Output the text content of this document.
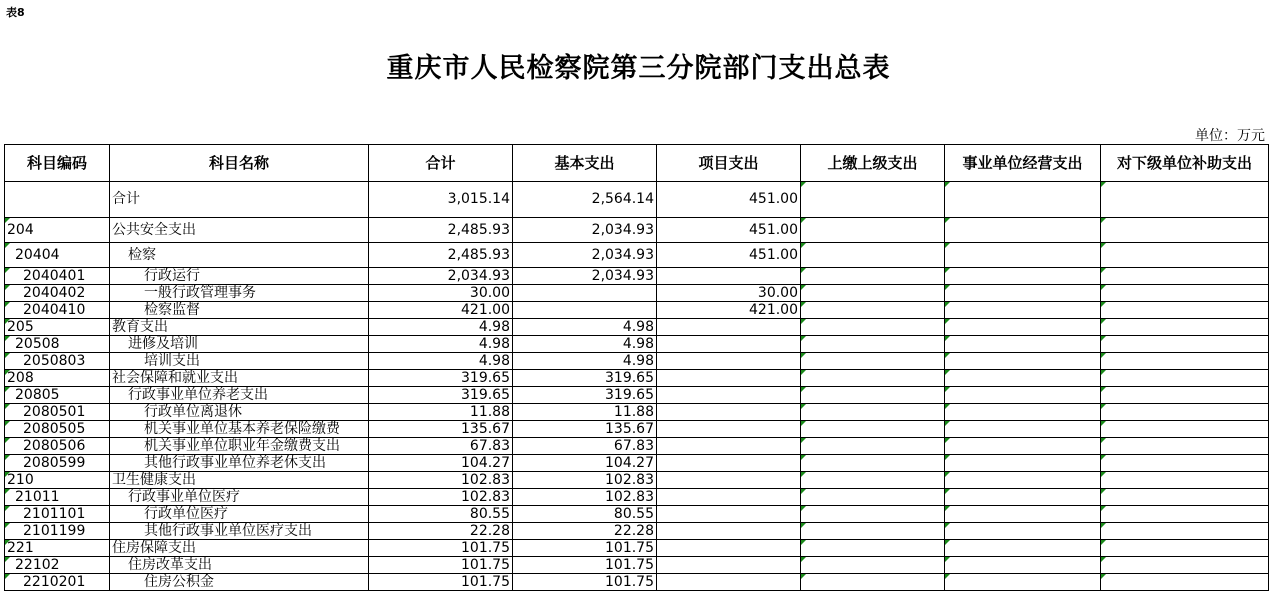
表8
重庆市人民检察院第三分院部门支出总表
单位：万元
科目编码	科目名称	合计	基本支出	项目支出	上缴上级支出	事业单位经营支出	对下级单位补助支出
	合计	3,015.14	2,564.14	451.00			
204	公共安全支出	2,485.93	2,034.93	451.00			
20404	检察	2,485.93	2,034.93	451.00			
2040401	行政运行	2,034.93	2,034.93				
2040402	一般行政管理事务	30.00		30.00			
2040410	检察监督	421.00		421.00			
205	教育支出	4.98	4.98				
20508	进修及培训	4.98	4.98				
2050803	培训支出	4.98	4.98				
208	社会保障和就业支出	319.65	319.65				
20805	行政事业单位养老支出	319.65	319.65				
2080501	行政单位离退休	11.88	11.88				
2080505	机关事业单位基本养老保险缴费	135.67	135.67				
2080506	机关事业单位职业年金缴费支出	67.83	67.83				
2080599	其他行政事业单位养老休支出	104.27	104.27				
210	卫生健康支出	102.83	102.83				
21011	行政事业单位医疗	102.83	102.83				
2101101	行政单位医疗	80.55	80.55				
2101199	其他行政事业单位医疗支出	22.28	22.28				
221	住房保障支出	101.75	101.75				
22102	住房改革支出	101.75	101.75				
2210201	住房公积金	101.75	101.75				
